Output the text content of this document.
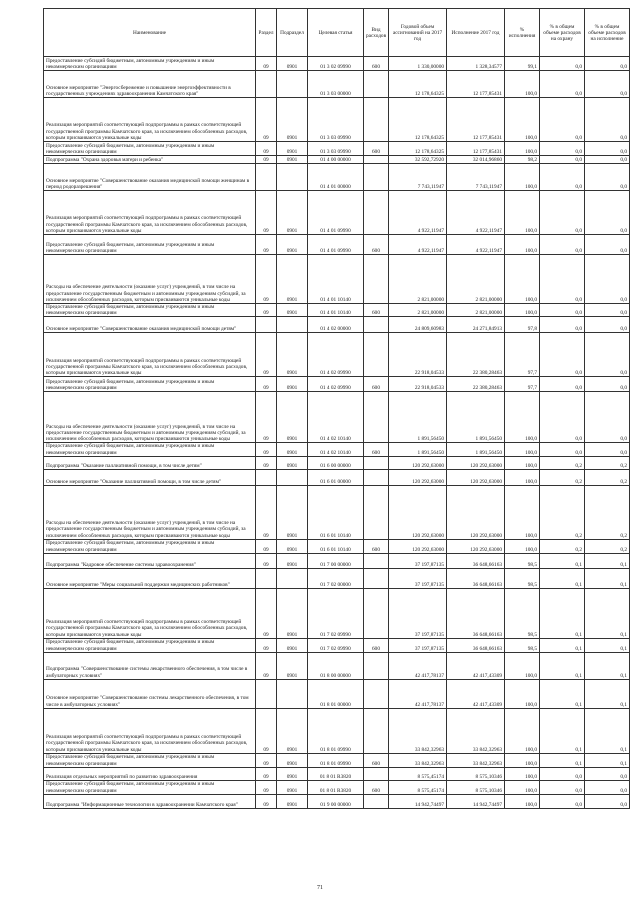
Наименование	Раздел	Подраздел	Целевая статья	Вид расходов	Годовой объем ассигнований на 2017 год	Исполнение 2017 год	% исполнения	% в общем объеме расходов на охрану	% в общем объеме расходов на исполнение
Предоставление субсидий бюджетным, автономным учреждениям и иным некоммерческим организациям	09	0901	01 3 02 09990	600	1 330,00000	1 328,34577	99,1	0,0	0,0
Основное мероприятие "Энергосбережение и повышение энергоэффективности в государственных учреждениях здравоохранения Камчатского края"			01 3 03 00000		12 178,64325	12 177,85431	100,0	0,0	0,0
Реализация мероприятий соответствующей подпрограммы в рамках соответствующей государственной программы Камчатского края, за исключением обособленных расходов, которым присваиваются уникальные коды	09	0901	01 3 03 09990		12 178,64325	12 177,85431	100,0	0,0	0,0
Предоставление субсидий бюджетным, автономным учреждениям и иным некоммерческим организациям	09	0901	01 3 03 09990	600	12 178,64325	12 177,85431	100,0	0,0	0,0
Подпрограмма "Охрана здоровья матери и ребенка"	09	0901	01 4 00 00000		32 592,72920	32 014,96860	98,2	0,0	0,0
Основное мероприятие "Совершенствование оказания медицинской помощи женщинам в период родоразрешения"			01 4 01 00000		7 743,11947	7 743,11947	100,0	0,0	0,0
Реализация мероприятий соответствующей подпрограммы в рамках соответствующей государственной программы Камчатского края, за исключением обособленных расходов, которым присваиваются уникальные коды	09	0901	01 4 01 09990		4 922,11947	4 922,11947	100,0	0,0	0,0
Предоставление субсидий бюджетным, автономным учреждениям и иным некоммерческим организациям	09	0901	01 4 01 09990	600	4 922,11947	4 922,11947	100,0	0,0	0,0
Расходы на обеспечение деятельности (оказание услуг) учреждений, в том числе на предоставление государственным бюджетным и автономным учреждениям субсидий, за исключением обособленных расходов, которым присваиваются уникальные коды	09	0901	01 4 01 10140		2 821,00000	2 821,00000	100,0	0,0	0,0
Предоставление субсидий бюджетным, автономным учреждениям и иным некоммерческим организациям	09	0901	01 4 01 10140	600	2 821,00000	2 821,00000	100,0	0,0	0,0
Основное мероприятие "Совершенствование оказания медицинской помощи детям"			01 4 02 00000		24 809,60983	24 271,84913	97,8	0,0	0,0
Реализация мероприятий соответствующей подпрограммы в рамках соответствующей государственной программы Камчатского края, за исключением обособленных расходов, которым присваиваются уникальные коды	09	0901	01 4 02 09990		22 918,04533	22 380,28463	97,7	0,0	0,0
Предоставление субсидий бюджетным, автономным учреждениям и иным некоммерческим организациям	09	0901	01 4 02 09990	600	22 918,04533	22 380,28463	97,7	0,0	0,0
Расходы на обеспечение деятельности (оказание услуг) учреждений, в том числе на предоставление государственным бюджетным и автономным учреждениям субсидий, за исключением обособленных расходов, которым присваиваются уникальные коды	09	0901	01 4 02 10140		1 891,56450	1 891,56450	100,0	0,0	0,0
Предоставление субсидий бюджетным, автономным учреждениям и иным некоммерческим организациям	09	0901	01 4 02 10140	600	1 891,56450	1 891,56450	100,0	0,0	0,0
Подпрограмма "Оказание паллиативной помощи, в том числе детям"	09	0901	01 6 00 00000		120 292,63000	120 292,63000	100,0	0,2	0,2
Основное мероприятие "Оказание паллиативной помощи, в том числе детям"			01 6 01 00000		120 292,63000	120 292,63000	100,0	0,2	0,2
Расходы на обеспечение деятельности (оказание услуг) учреждений, в том числе на предоставление государственным бюджетным и автономным учреждениям субсидий, за исключением обособленных расходов, которым присваиваются уникальные коды	09	0901	01 6 01 10140		120 292,63000	120 292,63000	100,0	0,2	0,2
Предоставление субсидий бюджетным, автономным учреждениям и иным некоммерческим организациям	09	0901	01 6 01 10140	600	120 292,63000	120 292,63000	100,0	0,2	0,2
Подпрограмма "Кадровое обеспечение системы здравоохранения"	09	0901	01 7 00 00000		37 197,87135	36 648,66163	98,5	0,1	0,1
Основное мероприятие "Меры социальной поддержки медицинских работников"			01 7 02 00000		37 197,87135	36 648,66163	98,5	0,1	0,1
Реализация мероприятий соответствующей подпрограммы в рамках соответствующей государственной программы Камчатского края, за исключением обособленных расходов, которым присваиваются уникальные коды	09	0901	01 7 02 09990		37 197,87135	36 648,66163	98,5	0,1	0,1
Предоставление субсидий бюджетным, автономным учреждениям и иным некоммерческим организациям	09	0901	01 7 02 09990	600	37 197,87135	36 648,66163	98,5	0,1	0,1
Подпрограмма "Совершенствование системы лекарственного обеспечения, в том числе в амбулаторных условиях"	09	0901	01 8 00 00000		42 417,78137	42 417,43309	100,0	0,1	0,1
Основное мероприятие "Совершенствование системы лекарственного обеспечения, в том числе в амбулаторных условиях"			01 8 01 00000		42 417,78137	42 417,43309	100,0	0,1	0,1
Реализация мероприятий соответствующей подпрограммы в рамках соответствующей государственной программы Камчатского края, за исключением обособленных расходов, которым присваиваются уникальные коды	09	0901	01 8 01 09990		33 842,32963	33 842,32963	100,0	0,1	0,1
Предоставление субсидий бюджетным, автономным учреждениям и иным некоммерческим организациям	09	0901	01 8 01 09990	600	33 842,32963	33 842,32963	100,0	0,1	0,1
Реализация отдельных мероприятий по развитию здравоохранения	09	0901	01 8 01 R3820		8 575,45174	8 575,10346	100,0	0,0	0,0
Предоставление субсидий бюджетным, автономным учреждениям и иным некоммерческим организациям	09	0901	01 8 01 R3820	600	8 575,45174	8 575,10346	100,0	0,0	0,0
Подпрограмма "Информационные технологии в здравоохранении Камчатского края"	09	0901	01 9 00 00000		14 942,74497	14 942,74497	100,0	0,0	0,0
71
